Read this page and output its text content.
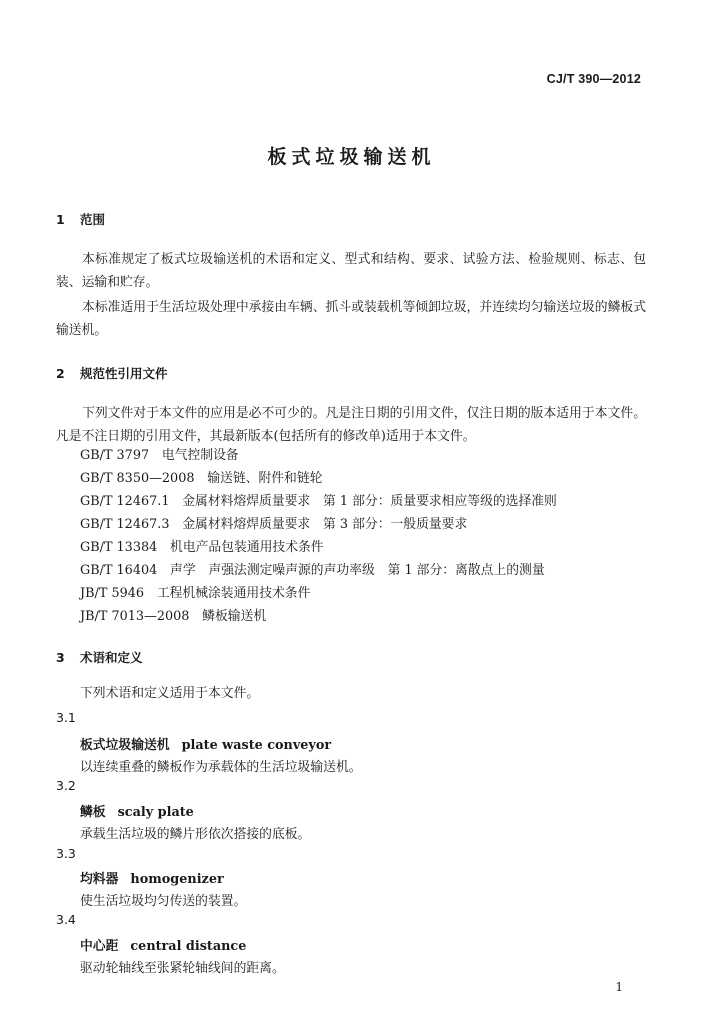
CJ/T 390—2012
板式垃圾输送机
1 范围
本标准规定了板式垃圾输送机的术语和定义、型式和结构、要求、试验方法、检验规则、标志、包装、运输和贮存。
本标准适用于生活垃圾处理中承接由车辆、抓斗或装载机等倾卸垃圾，并连续均匀输送垃圾的鳞板式输送机。
2 规范性引用文件
下列文件对于本文件的应用是必不可少的。凡是注日期的引用文件，仅注日期的版本适用于本文件。凡是不注日期的引用文件，其最新版本(包括所有的修改单)适用于本文件。
GB/T 3797　电气控制设备
GB/T 8350—2008　输送链、附件和链轮
GB/T 12467.1　金属材料熔焊质量要求　第 1 部分：质量要求相应等级的选择准则
GB/T 12467.3　金属材料熔焊质量要求　第 3 部分：一般质量要求
GB/T 13384　机电产品包装通用技术条件
GB/T 16404　声学　声强法测定噪声源的声功率级　第 1 部分：离散点上的测量
JB/T 5946　工程机械涂装通用技术条件
JB/T 7013—2008　鳞板输送机
3 术语和定义
下列术语和定义适用于本文件。
3.1
板式垃圾输送机 plate waste conveyor
以连续重叠的鳞板作为承载体的生活垃圾输送机。
3.2
鳞板 scaly plate
承载生活垃圾的鳞片形依次搭接的底板。
3.3
均料器 homogenizer
使生活垃圾均匀传送的装置。
3.4
中心距 central distance
驱动轮轴线至张紧轮轴线间的距离。
1
